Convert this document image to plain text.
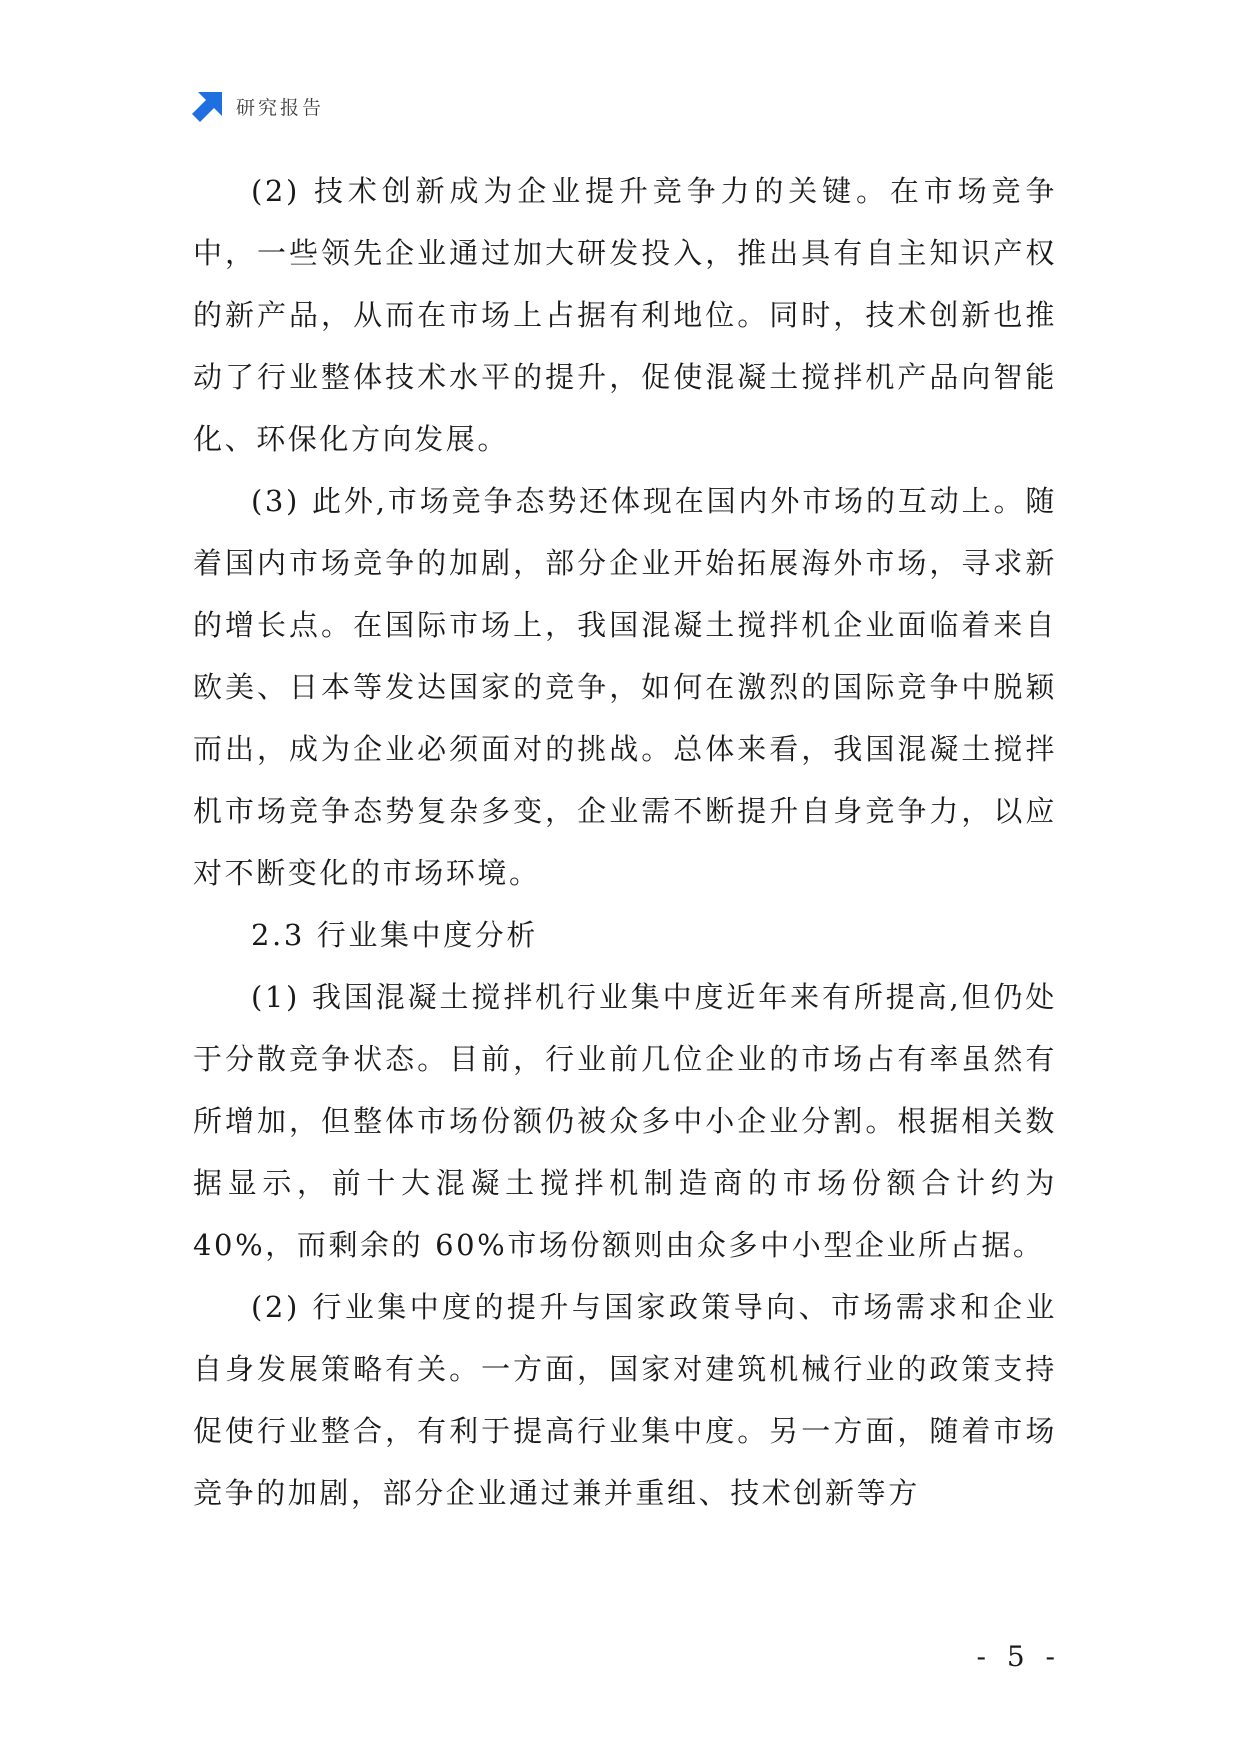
研究报告

(2) 技术创新成为企业提升竞争力的关键。在市场竞争中，一些领先企业通过加大研发投入，推出具有自主知识产权的新产品，从而在市场上占据有利地位。同时，技术创新也推动了行业整体技术水平的提升，促使混凝土搅拌机产品向智能化、环保化方向发展。

(3) 此外,市场竞争态势还体现在国内外市场的互动上。随着国内市场竞争的加剧，部分企业开始拓展海外市场，寻求新的增长点。在国际市场上，我国混凝土搅拌机企业面临着来自欧美、日本等发达国家的竞争，如何在激烈的国际竞争中脱颖而出，成为企业必须面对的挑战。总体来看，我国混凝土搅拌机市场竞争态势复杂多变，企业需不断提升自身竞争力，以应对不断变化的市场环境。

2.3 行业集中度分析

(1) 我国混凝土搅拌机行业集中度近年来有所提高,但仍处于分散竞争状态。目前，行业前几位企业的市场占有率虽然有所增加，但整体市场份额仍被众多中小企业分割。根据相关数据显示，前十大混凝土搅拌机制造商的市场份额合计约为 40%，而剩余的 60%市场份额则由众多中小型企业所占据。

(2) 行业集中度的提升与国家政策导向、市场需求和企业自身发展策略有关。一方面，国家对建筑机械行业的政策支持促使行业整合，有利于提高行业集中度。另一方面，随着市场竞争的加剧，部分企业通过兼并重组、技术创新等方

- 5 -
